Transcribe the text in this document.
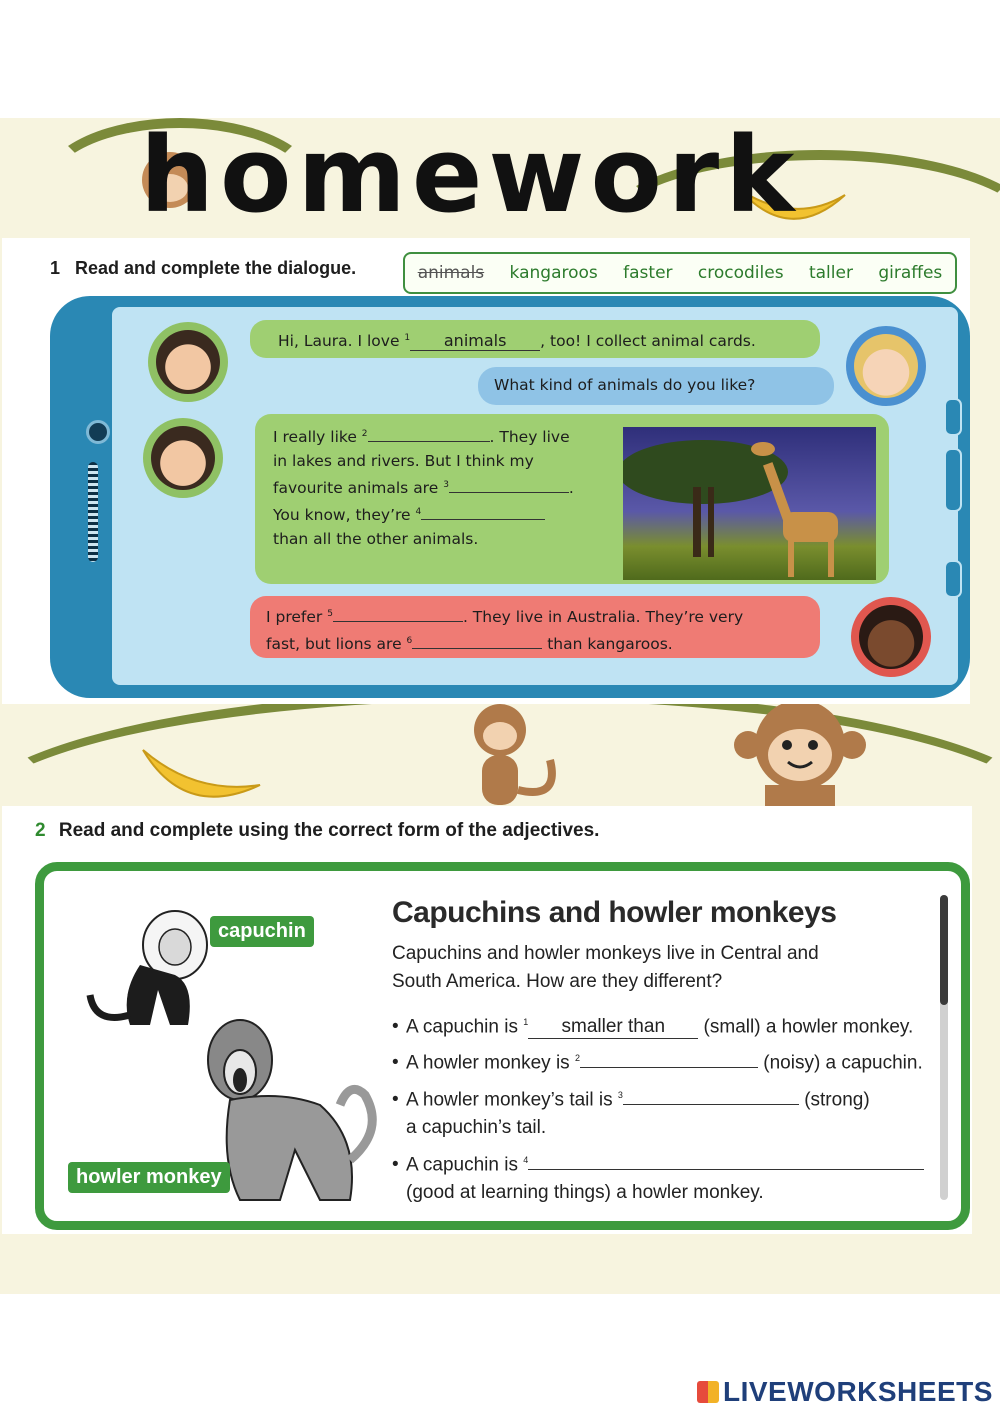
homework
1 Read and complete the dialogue.	animals kangaroos faster crocodiles taller giraffes
Hi, Laura. I love $^1$ animals , too! I collect animal cards.
What kind of animals do you like?
I really like $^2$	. They live
in lakes and rivers. But I think my
favourite animals are $^3$	.
You know, they’re $^4$
than all the other animals.
I prefer $^5$	. They live in Australia. They’re very
fast, but lions are $^6$	than kangaroos.
2 Read and complete using the correct form of the adjectives.
capuchin
howler monkey
Capuchins and howler monkeys
Capuchins and howler monkeys live in Central and South America. How are they different?
• A capuchin is $^1$ smaller than (small) a howler monkey.
• A howler monkey is $^2$	(noisy) a capuchin.
• A howler monkey’s tail is $^3$	(strong)
a capuchin’s tail.
• A capuchin is $^4$
(good at learning things) a howler monkey.
LIVEWORKSHEETS
